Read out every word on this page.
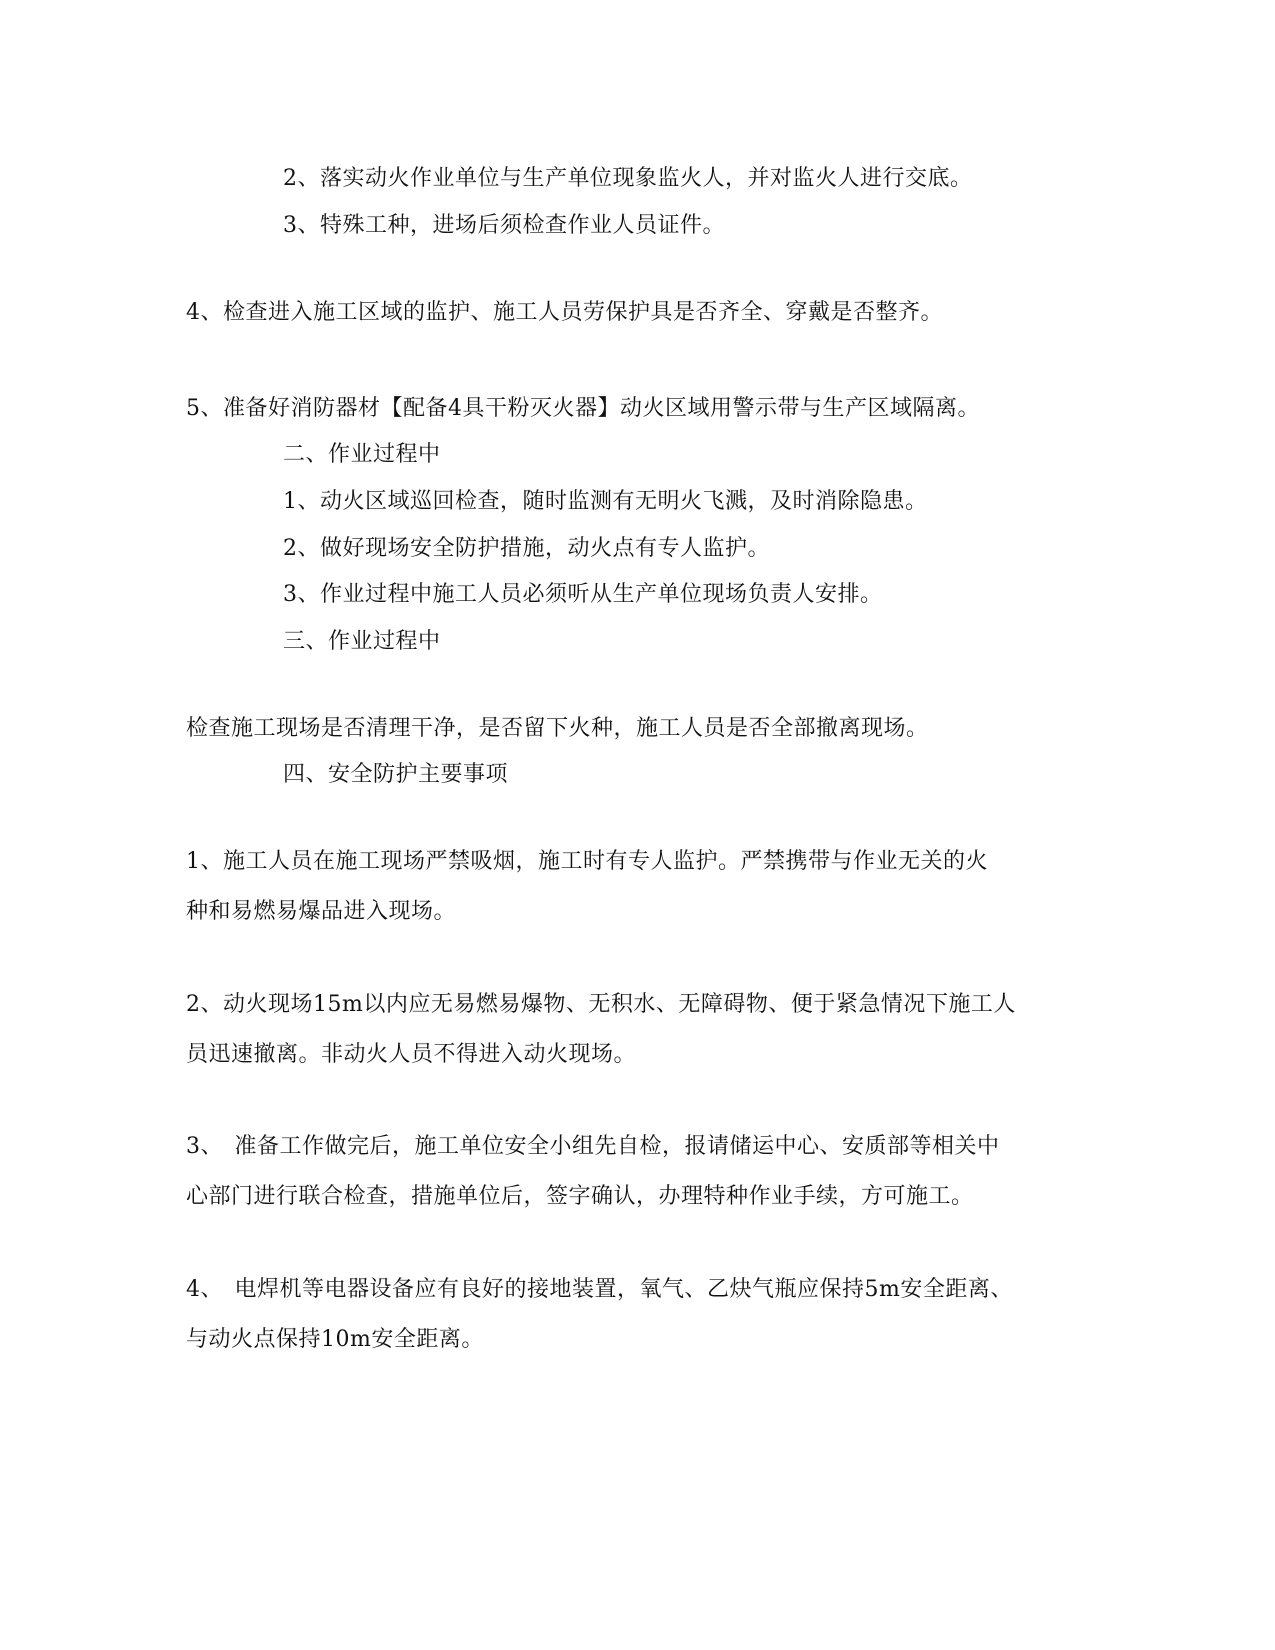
2、落实动火作业单位与生产单位现象监火人，并对监火人进行交底。
3、特殊工种，进场后须检查作业人员证件。
4、检查进入施工区域的监护、施工人员劳保护具是否齐全、穿戴是否整齐。
5、准备好消防器材【配备4具干粉灭火器】动火区域用警示带与生产区域隔离。
二、作业过程中
1、动火区域巡回检查，随时监测有无明火飞溅，及时消除隐患。
2、做好现场安全防护措施，动火点有专人监护。
3、作业过程中施工人员必须听从生产单位现场负责人安排。
三、作业过程中
检查施工现场是否清理干净，是否留下火种，施工人员是否全部撤离现场。
四、安全防护主要事项
1、施工人员在施工现场严禁吸烟，施工时有专人监护。严禁携带与作业无关的火
种和易燃易爆品进入现场。
2、动火现场15m以内应无易燃易爆物、无积水、无障碍物、便于紧急情况下施工人
员迅速撤离。非动火人员不得进入动火现场。
3、　准备工作做完后，施工单位安全小组先自检，报请储运中心、安质部等相关中
心部门进行联合检查，措施单位后，签字确认，办理特种作业手续，方可施工。
4、　电焊机等电器设备应有良好的接地装置，氧气、乙炔气瓶应保持5m安全距离、
与动火点保持10m安全距离。
